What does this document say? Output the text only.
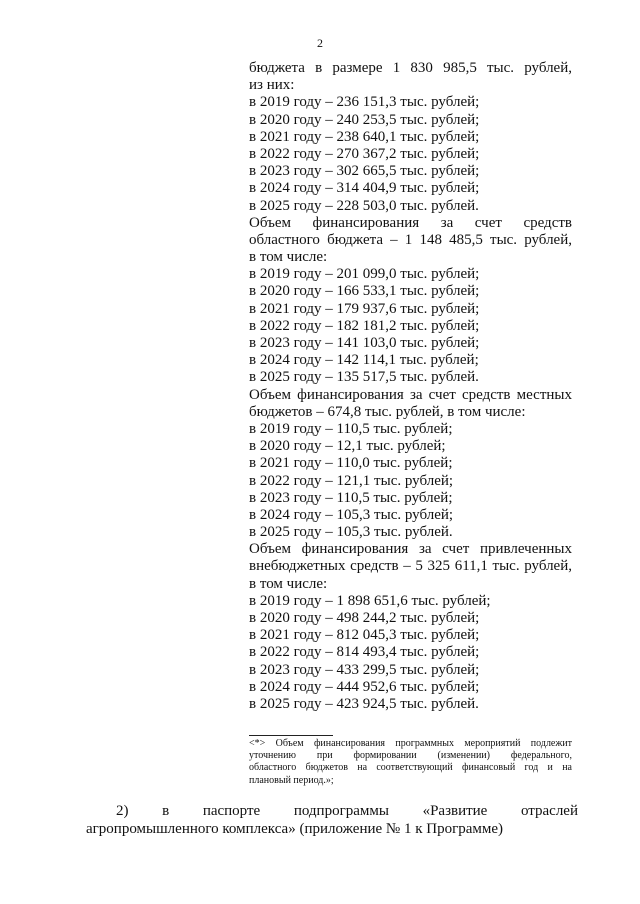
2
бюджета в размере 1 830 985,5 тыс. рублей,
из них:
в 2019 году – 236 151,3 тыс. рублей;
в 2020 году – 240 253,5 тыс. рублей;
в 2021 году – 238 640,1 тыс. рублей;
в 2022 году – 270 367,2 тыс. рублей;
в 2023 году – 302 665,5 тыс. рублей;
в 2024 году – 314 404,9 тыс. рублей;
в 2025 году – 228 503,0 тыс. рублей.
Объем финансирования за счет средств
областного бюджета – 1 148 485,5 тыс. рублей,
в том числе:
в 2019 году – 201 099,0 тыс. рублей;
в 2020 году – 166 533,1 тыс. рублей;
в 2021 году – 179 937,6 тыс. рублей;
в 2022 году – 182 181,2 тыс. рублей;
в 2023 году – 141 103,0 тыс. рублей;
в 2024 году – 142 114,1 тыс. рублей;
в 2025 году – 135 517,5 тыс. рублей.
Объем финансирования за счет средств местных
бюджетов – 674,8 тыс. рублей, в том числе:
в 2019 году – 110,5 тыс. рублей;
в 2020 году – 12,1 тыс. рублей;
в 2021 году – 110,0 тыс. рублей;
в 2022 году – 121,1 тыс. рублей;
в 2023 году – 110,5 тыс. рублей;
в 2024 году – 105,3 тыс. рублей;
в 2025 году – 105,3 тыс. рублей.
Объем финансирования за счет привлеченных
внебюджетных средств – 5 325 611,1 тыс. рублей,
в том числе:
в 2019 году – 1 898 651,6 тыс. рублей;
в 2020 году – 498 244,2 тыс. рублей;
в 2021 году – 812 045,3 тыс. рублей;
в 2022 году – 814 493,4 тыс. рублей;
в 2023 году – 433 299,5 тыс. рублей;
в 2024 году – 444 952,6 тыс. рублей;
в 2025 году – 423 924,5 тыс. рублей.
<*> Объем финансирования программных мероприятий подлежит
уточнению при формировании (изменении) федерального,
областного бюджетов на соответствующий финансовый год и на
плановый период.»;
2) в паспорте подпрограммы «Развитие отраслей
агропромышленного комплекса» (приложение № 1 к Программе)
